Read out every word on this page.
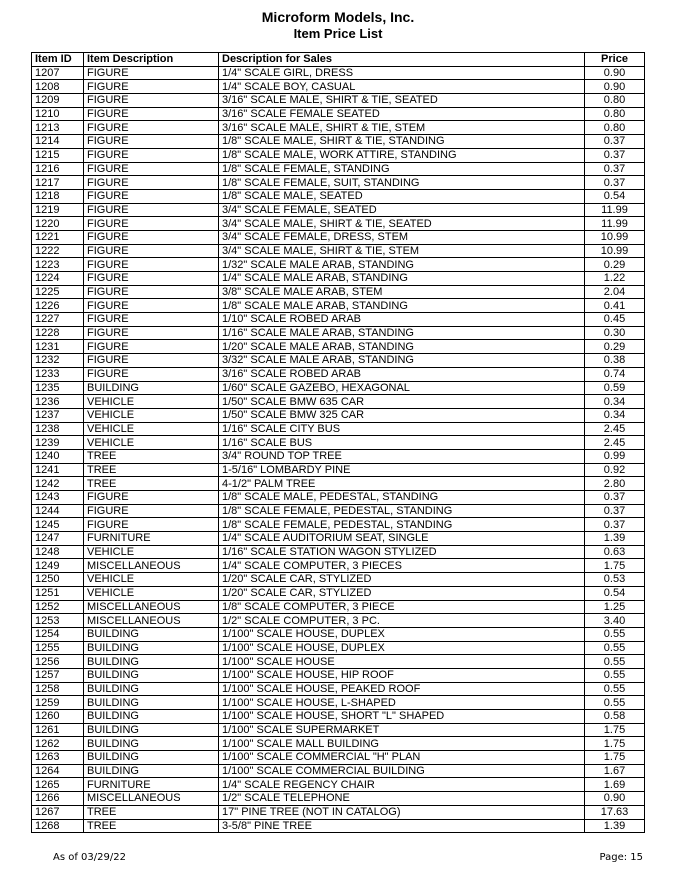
Microform Models, Inc.
Item Price List
Item ID	Item Description	Description for Sales	Price
1207	FIGURE	1/4" SCALE GIRL, DRESS	0.90
1208	FIGURE	1/4" SCALE BOY, CASUAL	0.90
1209	FIGURE	3/16" SCALE MALE, SHIRT & TIE, SEATED	0.80
1210	FIGURE	3/16" SCALE FEMALE SEATED	0.80
1213	FIGURE	3/16" SCALE MALE, SHIRT & TIE, STEM	0.80
1214	FIGURE	1/8" SCALE MALE, SHIRT & TIE, STANDING	0.37
1215	FIGURE	1/8" SCALE MALE, WORK ATTIRE, STANDING	0.37
1216	FIGURE	1/8" SCALE FEMALE, STANDING	0.37
1217	FIGURE	1/8" SCALE FEMALE, SUIT, STANDING	0.37
1218	FIGURE	1/8" SCALE MALE, SEATED	0.54
1219	FIGURE	3/4" SCALE FEMALE, SEATED	11.99
1220	FIGURE	3/4" SCALE MALE, SHIRT & TIE, SEATED	11.99
1221	FIGURE	3/4" SCALE FEMALE, DRESS, STEM	10.99
1222	FIGURE	3/4" SCALE MALE, SHIRT & TIE, STEM	10.99
1223	FIGURE	1/32" SCALE MALE ARAB, STANDING	0.29
1224	FIGURE	1/4" SCALE MALE ARAB, STANDING	1.22
1225	FIGURE	3/8" SCALE MALE ARAB, STEM	2.04
1226	FIGURE	1/8" SCALE MALE ARAB, STANDING	0.41
1227	FIGURE	1/10" SCALE ROBED ARAB	0.45
1228	FIGURE	1/16" SCALE MALE ARAB, STANDING	0.30
1231	FIGURE	1/20" SCALE MALE ARAB, STANDING	0.29
1232	FIGURE	3/32" SCALE MALE ARAB, STANDING	0.38
1233	FIGURE	3/16" SCALE ROBED ARAB	0.74
1235	BUILDING	1/60" SCALE GAZEBO, HEXAGONAL	0.59
1236	VEHICLE	1/50" SCALE BMW 635 CAR	0.34
1237	VEHICLE	1/50" SCALE BMW 325 CAR	0.34
1238	VEHICLE	1/16" SCALE CITY BUS	2.45
1239	VEHICLE	1/16" SCALE BUS	2.45
1240	TREE	3/4" ROUND TOP TREE	0.99
1241	TREE	1-5/16" LOMBARDY PINE	0.92
1242	TREE	4-1/2" PALM TREE	2.80
1243	FIGURE	1/8" SCALE MALE, PEDESTAL, STANDING	0.37
1244	FIGURE	1/8" SCALE FEMALE, PEDESTAL, STANDING	0.37
1245	FIGURE	1/8" SCALE FEMALE, PEDESTAL, STANDING	0.37
1247	FURNITURE	1/4" SCALE AUDITORIUM SEAT, SINGLE	1.39
1248	VEHICLE	1/16" SCALE STATION WAGON STYLIZED	0.63
1249	MISCELLANEOUS	1/4" SCALE COMPUTER, 3 PIECES	1.75
1250	VEHICLE	1/20" SCALE CAR, STYLIZED	0.53
1251	VEHICLE	1/20" SCALE CAR, STYLIZED	0.54
1252	MISCELLANEOUS	1/8" SCALE COMPUTER, 3 PIECE	1.25
1253	MISCELLANEOUS	1/2" SCALE COMPUTER, 3 PC.	3.40
1254	BUILDING	1/100" SCALE HOUSE, DUPLEX	0.55
1255	BUILDING	1/100" SCALE HOUSE, DUPLEX	0.55
1256	BUILDING	1/100" SCALE HOUSE	0.55
1257	BUILDING	1/100" SCALE HOUSE, HIP ROOF	0.55
1258	BUILDING	1/100" SCALE HOUSE, PEAKED ROOF	0.55
1259	BUILDING	1/100" SCALE HOUSE, L-SHAPED	0.55
1260	BUILDING	1/100" SCALE HOUSE, SHORT "L" SHAPED	0.58
1261	BUILDING	1/100" SCALE SUPERMARKET	1.75
1262	BUILDING	1/100" SCALE MALL BUILDING	1.75
1263	BUILDING	1/100" SCALE COMMERCIAL "H" PLAN	1.75
1264	BUILDING	1/100" SCALE COMMERCIAL BUILDING	1.67
1265	FURNITURE	1/4" SCALE REGENCY CHAIR	1.69
1266	MISCELLANEOUS	1/2" SCALE TELEPHONE	0.90
1267	TREE	17" PINE TREE (NOT IN CATALOG)	17.63
1268	TREE	3-5/8" PINE TREE	1.39
As of 03/29/22	Page: 15
